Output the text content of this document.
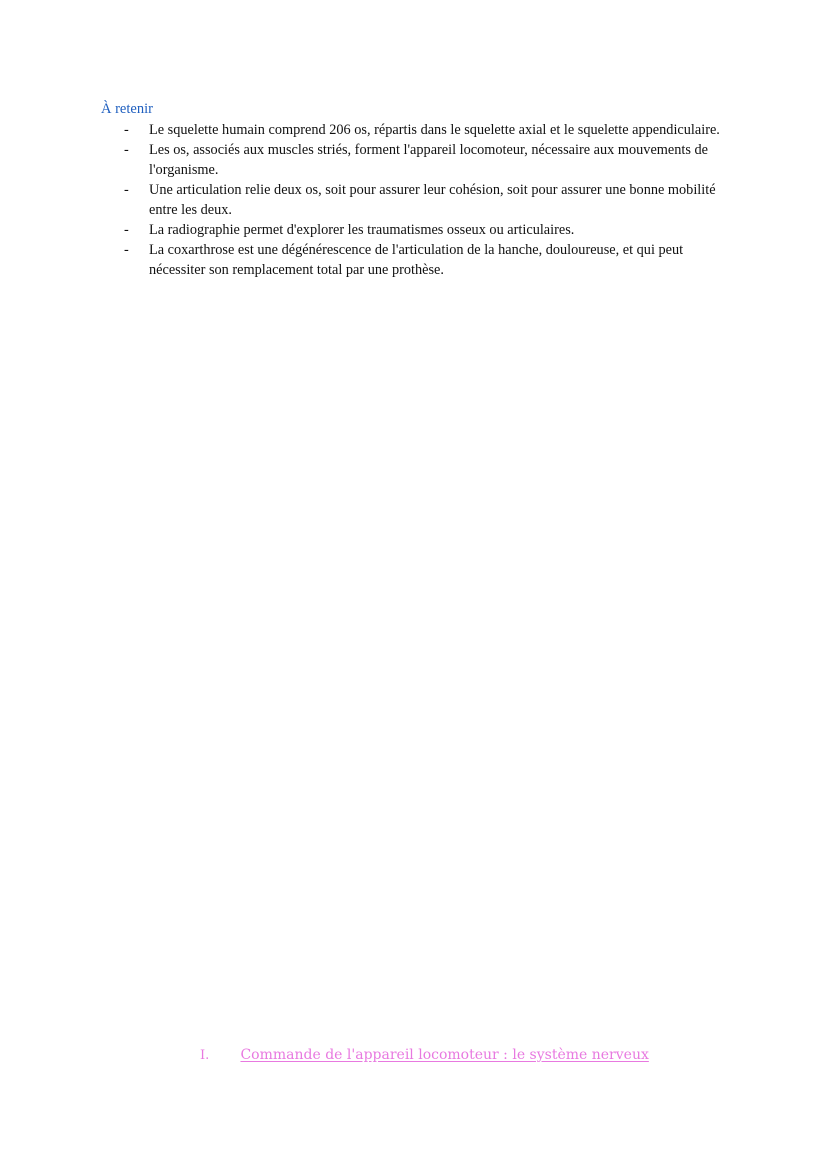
À retenir
- Le squelette humain comprend 206 os, répartis dans le squelette axial et le squelette appendiculaire.
- Les os, associés aux muscles striés, forment l'appareil locomoteur, nécessaire aux mouvements de l'organisme.
- Une articulation relie deux os, soit pour assurer leur cohésion, soit pour assurer une bonne mobilité entre les deux.
- La radiographie permet d'explorer les traumatismes osseux ou articulaires.
- La coxarthrose est une dégénérescence de l'articulation de la hanche, douloureuse, et qui peut nécessiter son remplacement total par une prothèse.
I. Commande de l'appareil locomoteur : le système nerveux
